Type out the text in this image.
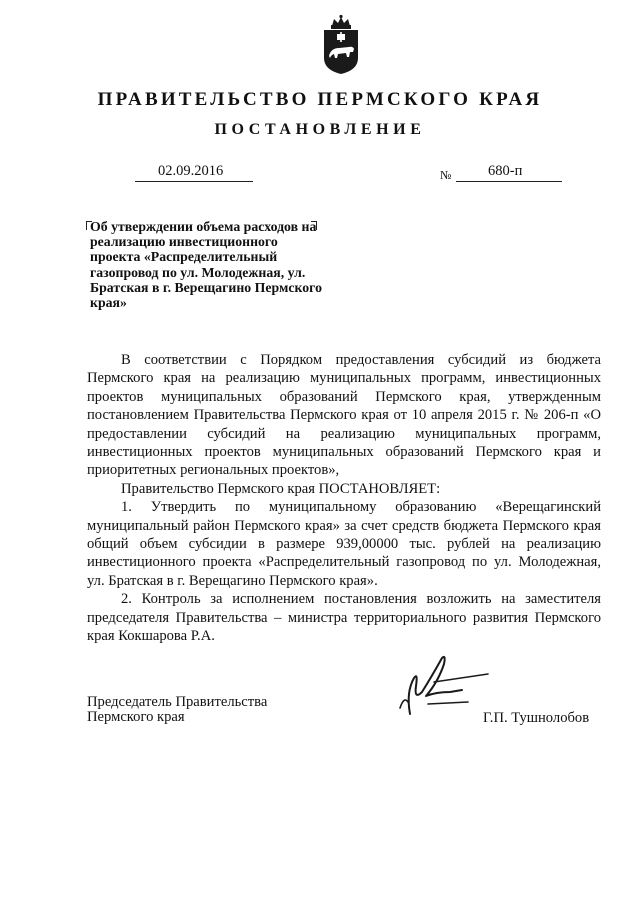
ПРАВИТЕЛЬСТВО ПЕРМСКОГО КРАЯ
ПОСТАНОВЛЕНИЕ
02.09.2016	№	680-п
Об утверждении объема расходов на реализацию инвестиционного проекта «Распределительный газопровод по ул. Молодежная, ул. Братская в г. Верещагино Пермского края»

В соответствии с Порядком предоставления субсидий из бюджета Пермского края на реализацию муниципальных программ, инвестиционных проектов муниципальных образований Пермского края, утвержденным постановлением Правительства Пермского края от 10 апреля 2015 г. № 206-п «О предоставлении субсидий на реализацию муниципальных программ, инвестиционных проектов муниципальных образований Пермского края и приоритетных региональных проектов»,

Правительство Пермского края ПОСТАНОВЛЯЕТ:

1. Утвердить по муниципальному образованию «Верещагинский муниципальный район Пермского края» за счет средств бюджета Пермского края общий объем субсидии в размере 939,00000 тыс. рублей на реализацию инвестиционного проекта «Распределительный газопровод по ул. Молодежная, ул. Братская в г. Верещагино Пермского края».

2. Контроль за исполнением постановления возложить на заместителя председателя Правительства – министра территориального развития Пермского края Кокшарова Р.А.

Председатель Правительства
Пермского края	Г.П. Тушнолобов
